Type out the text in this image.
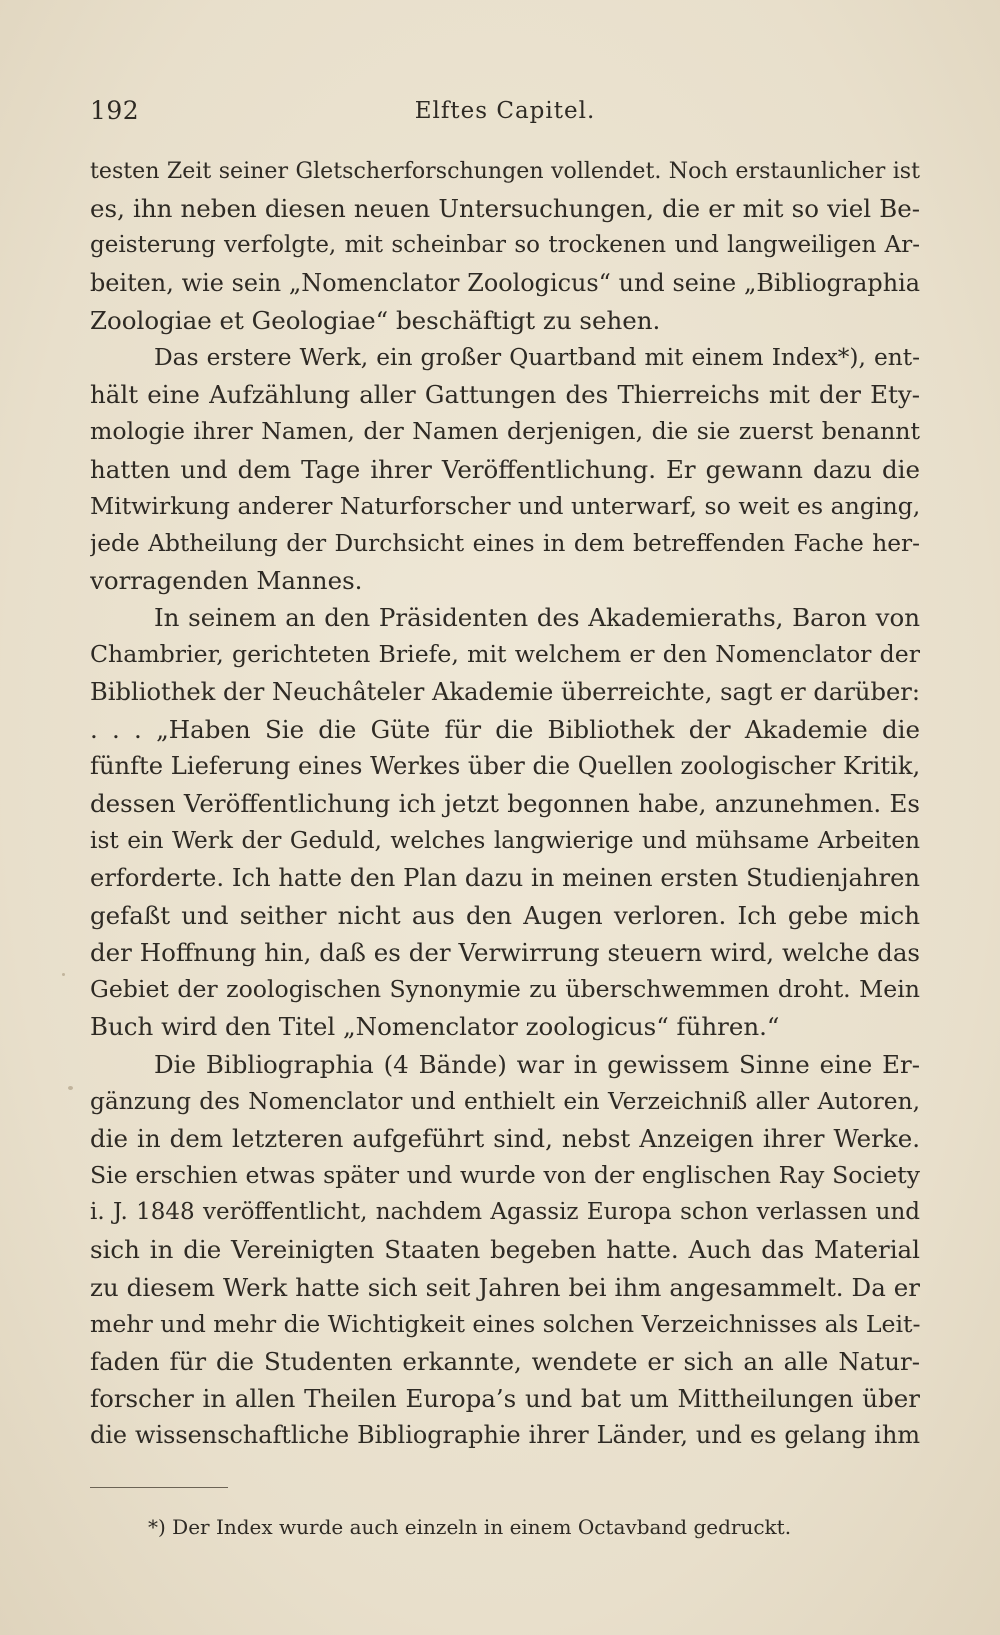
192	Elftes Capitel.
testen Zeit seiner Gletscherforschungen vollendet. Noch erstaunlicher ist
es, ihn neben diesen neuen Untersuchungen, die er mit so viel Be-
geisterung verfolgte, mit scheinbar so trockenen und langweiligen Ar-
beiten, wie sein „Nomenclator Zoologicus“ und seine „Bibliographia
Zoologiae et Geologiae“ beschäftigt zu sehen.
Das erstere Werk, ein großer Quartband mit einem Index*), ent-
hält eine Aufzählung aller Gattungen des Thierreichs mit der Ety-
mologie ihrer Namen, der Namen derjenigen, die sie zuerst benannt
hatten und dem Tage ihrer Veröffentlichung. Er gewann dazu die
Mitwirkung anderer Naturforscher und unterwarf, so weit es anging,
jede Abtheilung der Durchsicht eines in dem betreffenden Fache her-
vorragenden Mannes.
In seinem an den Präsidenten des Akademieraths, Baron von
Chambrier, gerichteten Briefe, mit welchem er den Nomenclator der
Bibliothek der Neuchâteler Akademie überreichte, sagt er darüber:
. . . „Haben Sie die Güte für die Bibliothek der Akademie die
fünfte Lieferung eines Werkes über die Quellen zoologischer Kritik,
dessen Veröffentlichung ich jetzt begonnen habe, anzunehmen. Es
ist ein Werk der Geduld, welches langwierige und mühsame Arbeiten
erforderte. Ich hatte den Plan dazu in meinen ersten Studienjahren
gefaßt und seither nicht aus den Augen verloren. Ich gebe mich
der Hoffnung hin, daß es der Verwirrung steuern wird, welche das
Gebiet der zoologischen Synonymie zu überschwemmen droht. Mein
Buch wird den Titel „Nomenclator zoologicus“ führen.“
Die Bibliographia (4 Bände) war in gewissem Sinne eine Er-
gänzung des Nomenclator und enthielt ein Verzeichniß aller Autoren,
die in dem letzteren aufgeführt sind, nebst Anzeigen ihrer Werke.
Sie erschien etwas später und wurde von der englischen Ray Society
i. J. 1848 veröffentlicht, nachdem Agassiz Europa schon verlassen und
sich in die Vereinigten Staaten begeben hatte. Auch das Material
zu diesem Werk hatte sich seit Jahren bei ihm angesammelt. Da er
mehr und mehr die Wichtigkeit eines solchen Verzeichnisses als Leit-
faden für die Studenten erkannte, wendete er sich an alle Natur-
forscher in allen Theilen Europa’s und bat um Mittheilungen über
die wissenschaftliche Bibliographie ihrer Länder, und es gelang ihm
*) Der Index wurde auch einzeln in einem Octavband gedruckt.
